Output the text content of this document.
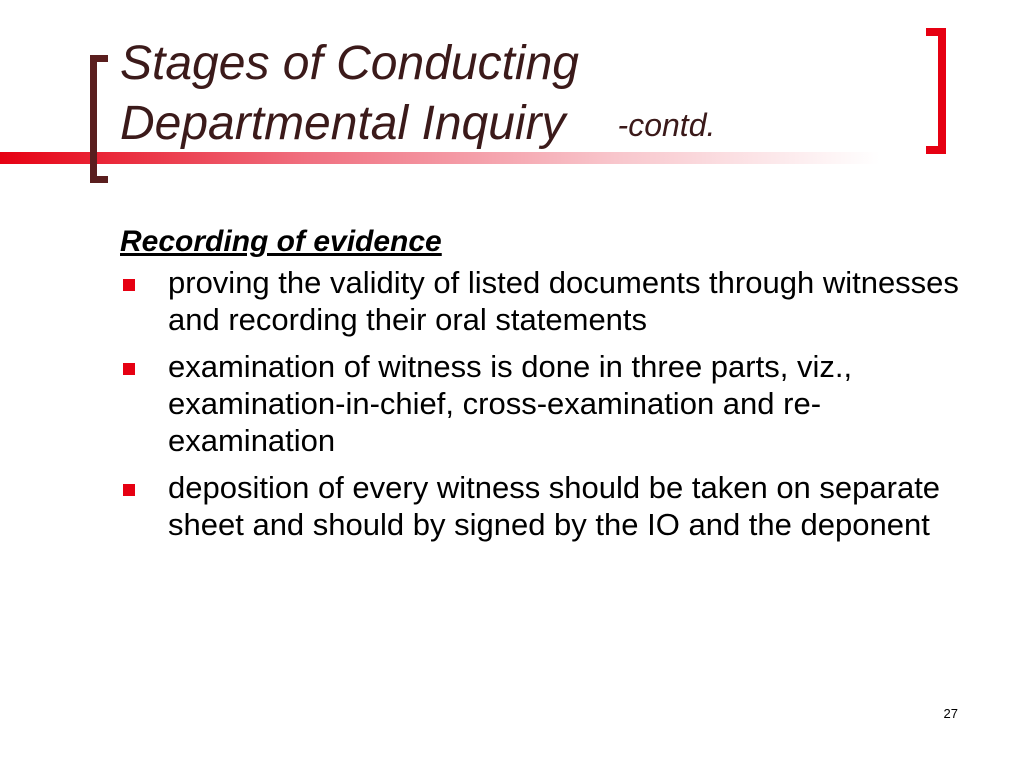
Stages of Conducting
Departmental Inquiry -contd.
Recording of evidence
proving the validity of listed documents through witnesses and recording their oral statements
examination of witness is done in three parts, viz., examination-in-chief, cross-examination and re-examination
deposition of every witness should be taken on separate sheet and should by signed by the IO and the deponent
27
